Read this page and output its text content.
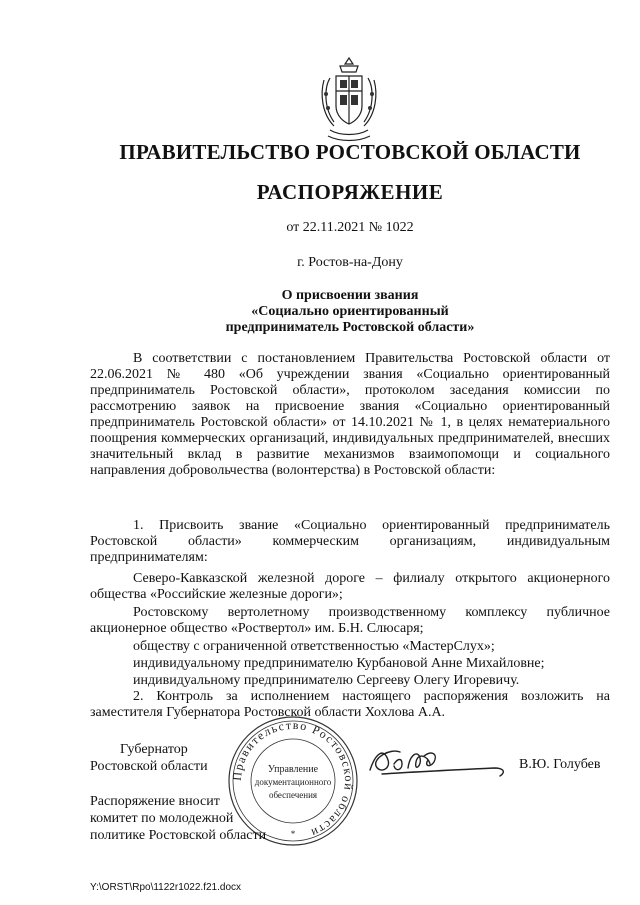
ПРАВИТЕЛЬСТВО РОСТОВСКОЙ ОБЛАСТИ
РАСПОРЯЖЕНИЕ
от 22.11.2021 № 1022
г. Ростов-на-Дону
О присвоении звания
«Социально ориентированный
предприниматель Ростовской области»
В соответствии с постановлением Правительства Ростовской области от 22.06.2021 № 480 «Об учреждении звания «Социально ориентированный предприниматель Ростовской области», протоколом заседания комиссии по рассмотрению заявок на присвоение звания «Социально ориентированный предприниматель Ростовской области» от 14.10.2021 № 1, в целях нематериального поощрения коммерческих организаций, индивидуальных предпринимателей, внесших значительный вклад в развитие механизмов взаимопомощи и социального направления добровольчества (волонтерства) в Ростовской области:
1. Присвоить звание «Социально ориентированный предприниматель Ростовской области» коммерческим организациям, индивидуальным предпринимателям:
Северо-Кавказской железной дороге – филиалу открытого акционерного общества «Российские железные дороги»;
Ростовскому вертолетному производственному комплексу публичное акционерное общество «Роствертол» им. Б.Н. Слюсаря;
обществу с ограниченной ответственностью «МастерСлух»;
индивидуальному предпринимателю Курбановой Анне Михайловне;
индивидуальному предпринимателю Сергееву Олегу Игоревичу.
2. Контроль за исполнением настоящего распоряжения возложить на заместителя Губернатора Ростовской области Хохлова А.А.
Губернатор
Ростовской области
Правительство Ростовской области
Управление
документационного
обеспечения
*
В.Ю. Голубев
Распоряжение вносит
комитет по молодежной
политике Ростовской области
Y:\ORST\Rpo\1122r1022.f21.docx
